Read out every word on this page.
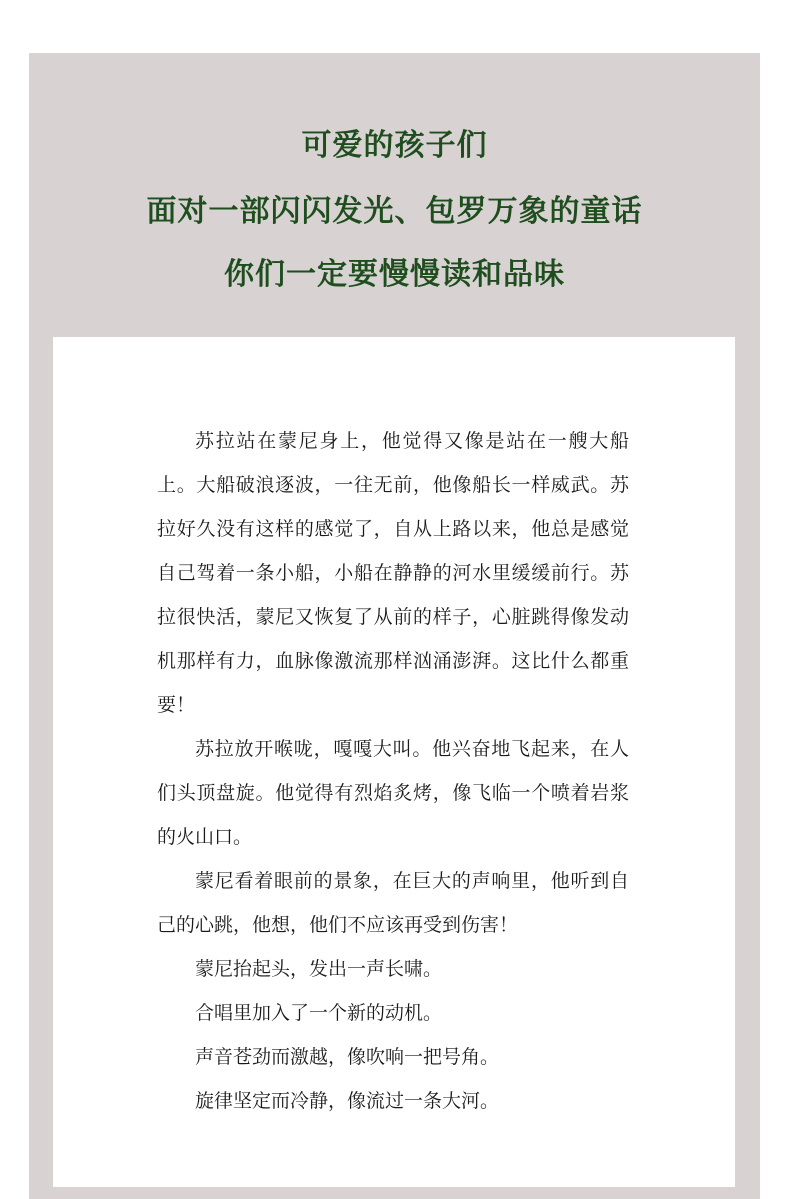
可爱的孩子们
面对一部闪闪发光、包罗万象的童话
你们一定要慢慢读和品味

苏拉站在蒙尼身上，他觉得又像是站在一艘大船上。大船破浪逐波，一往无前，他像船长一样威武。苏拉好久没有这样的感觉了，自从上路以来，他总是感觉自己驾着一条小船，小船在静静的河水里缓缓前行。苏拉很快活，蒙尼又恢复了从前的样子，心脏跳得像发动机那样有力，血脉像激流那样汹涌澎湃。这比什么都重要！

苏拉放开喉咙，嘎嘎大叫。他兴奋地飞起来，在人们头顶盘旋。他觉得有烈焰炙烤，像飞临一个喷着岩浆的火山口。

蒙尼看着眼前的景象，在巨大的声响里，他听到自己的心跳，他想，他们不应该再受到伤害！

蒙尼抬起头，发出一声长啸。

合唱里加入了一个新的动机。

声音苍劲而激越，像吹响一把号角。

旋律坚定而冷静，像流过一条大河。
